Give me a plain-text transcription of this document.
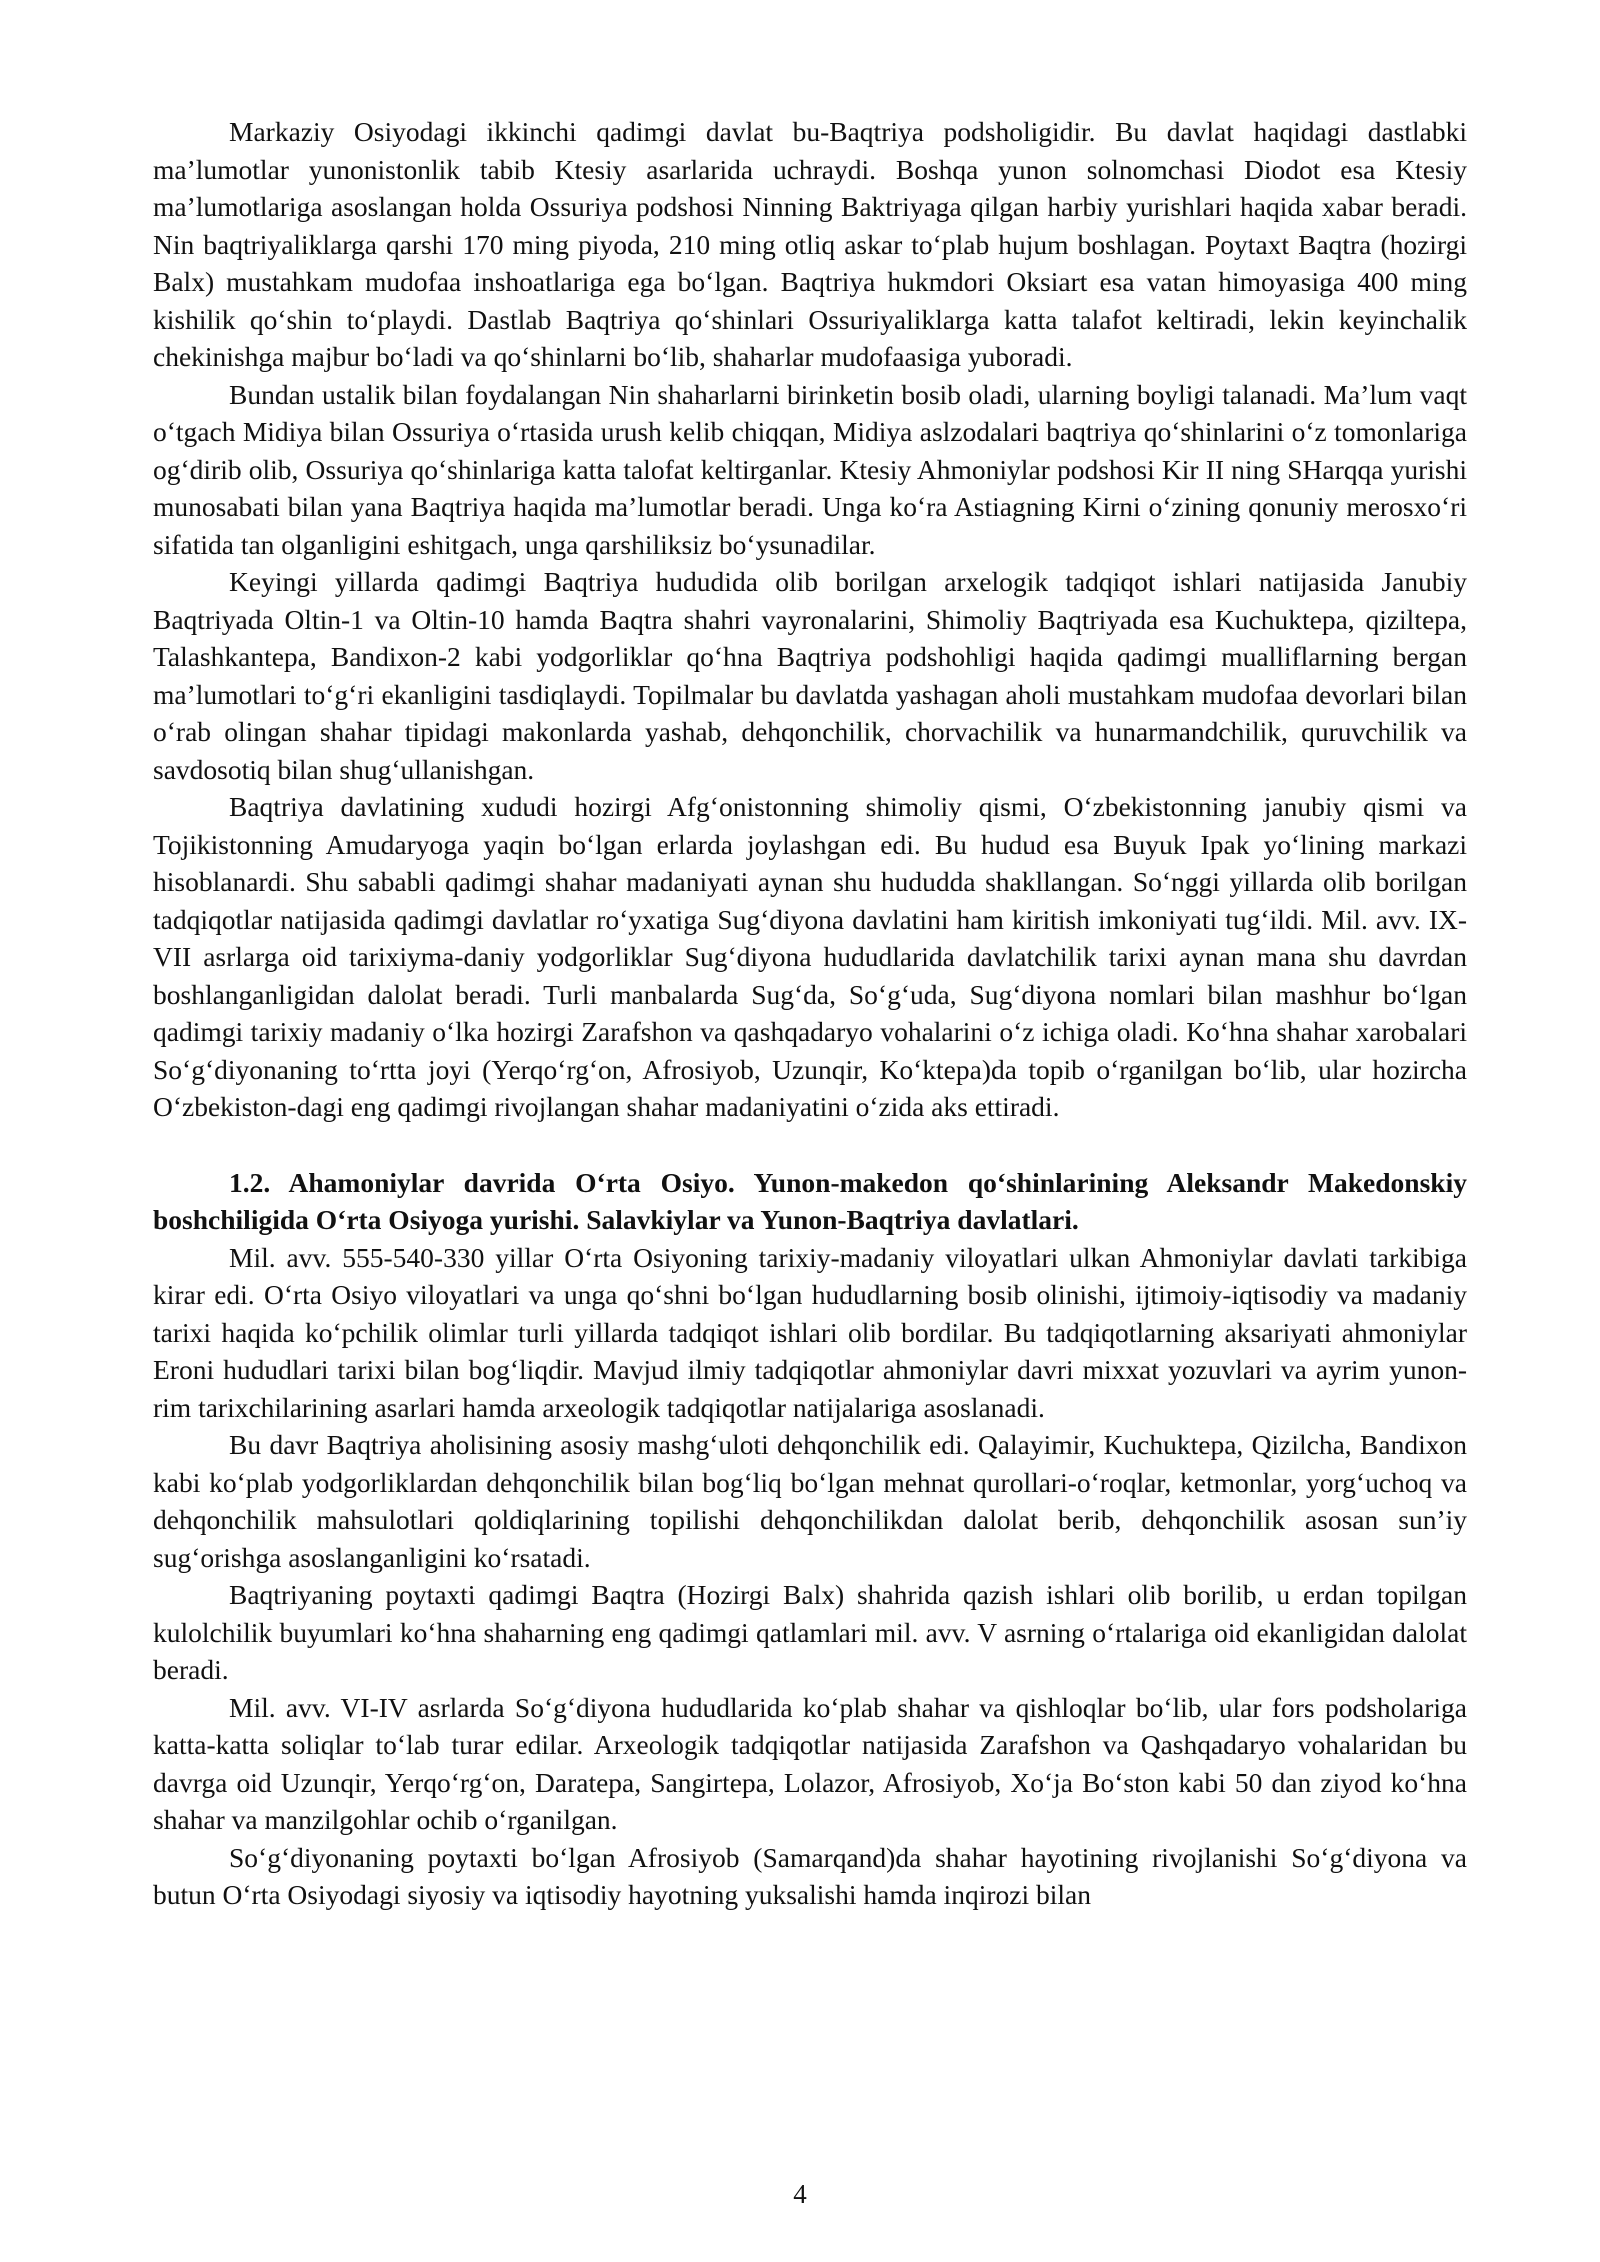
Markaziy Osiyodagi ikkinchi qadimgi davlat bu-Baqtriya podsholigidir. Bu davlat haqidagi dastlabki ma’lumotlar yunonistonlik tabib Ktesiy asarlarida uchraydi. Boshqa yunon solnomchasi Diodot esa Ktesiy ma’lumotlariga asoslangan holda Ossuriya podshosi Ninning Baktriyaga qilgan harbiy yurishlari haqida xabar beradi. Nin baqtriyaliklarga qarshi 170 ming piyoda, 210 ming otliq askar to‘plab hujum boshlagan. Poytaxt Baqtra (hozirgi Balx) mustahkam mudofaa inshoatlariga ega bo‘lgan. Baqtriya hukmdori Oksiart esa vatan himoyasiga 400 ming kishilik qo‘shin to‘playdi. Dastlab Baqtriya qo‘shinlari Ossuriyaliklarga katta talafot keltiradi, lekin keyinchalik chekinishga majbur bo‘ladi va qo‘shinlarni bo‘lib, shaharlar mudofaasiga yuboradi.

Bundan ustalik bilan foydalangan Nin shaharlarni birinketin bosib oladi, ularning boyligi talanadi. Ma’lum vaqt o‘tgach Midiya bilan Ossuriya o‘rtasida urush kelib chiqqan, Midiya aslzodalari baqtriya qo‘shinlarini o‘z tomonlariga og‘dirib olib, Ossuriya qo‘shinlariga katta talofat keltirganlar. Ktesiy Ahmoniylar podshosi Kir II ning SHarqqa yurishi munosabati bilan yana Baqtriya haqida ma’lumotlar beradi. Unga ko‘ra Astiagning Kirni o‘zining qonuniy merosxo‘ri sifatida tan olganligini eshitgach, unga qarshiliksiz bo‘ysunadilar.

Keyingi yillarda qadimgi Baqtriya hududida olib borilgan arxelogik tadqiqot ishlari natijasida Janubiy Baqtriyada Oltin-1 va Oltin-10 hamda Baqtra shahri vayronalarini, Shimoliy Baqtriyada esa Kuchuktepa, qiziltepa, Talashkantepa, Bandixon-2 kabi yodgorliklar qo‘hna Baqtriya podshohligi haqida qadimgi mualliflarning bergan ma’lumotlari to‘g‘ri ekanligini tasdiqlaydi. Topilmalar bu davlatda yashagan aholi mustahkam mudofaa devorlari bilan o‘rab olingan shahar tipidagi makonlarda yashab, dehqonchilik, chorvachilik va hunarmandchilik, quruvchilik va savdosotiq bilan shug‘ullanishgan.

Baqtriya davlatining xududi hozirgi Afg‘onistonning shimoliy qismi, O‘zbekistonning janubiy qismi va Tojikistonning Amudaryoga yaqin bo‘lgan erlarda joylashgan edi. Bu hudud esa Buyuk Ipak yo‘lining markazi hisoblanardi. Shu sababli qadimgi shahar madaniyati aynan shu hududda shakllangan. So‘nggi yillarda olib borilgan tadqiqotlar natijasida qadimgi davlatlar ro‘yxatiga Sug‘diyona davlatini ham kiritish imkoniyati tug‘ildi. Mil. avv. IX-VII asrlarga oid tarixiyma-daniy yodgorliklar Sug‘diyona hududlarida davlatchilik tarixi aynan mana shu davrdan boshlanganligidan dalolat beradi. Turli manbalarda Sug‘da, So‘g‘uda, Sug‘diyona nomlari bilan mashhur bo‘lgan qadimgi tarixiy madaniy o‘lka hozirgi Zarafshon va qashqadaryo vohalarini o‘z ichiga oladi. Ko‘hna shahar xarobalari So‘g‘diyonaning to‘rtta joyi (Yerqo‘rg‘on, Afrosiyob, Uzunqir, Ko‘ktepa)da topib o‘rganilgan bo‘lib, ular hozircha O‘zbekiston-dagi eng qadimgi rivojlangan shahar madaniyatini o‘zida aks ettiradi.

1.2. Ahamoniylar davrida O‘rta Osiyo. Yunon-makedon qo‘shinlarining Aleksandr Makedonskiy boshchiligida O‘rta Osiyoga yurishi. Salavkiylar va Yunon-Baqtriya davlatlari.

Mil. avv. 555-540-330 yillar O‘rta Osiyoning tarixiy-madaniy viloyatlari ulkan Ahmoniylar davlati tarkibiga kirar edi. O‘rta Osiyo viloyatlari va unga qo‘shni bo‘lgan hududlarning bosib olinishi, ijtimoiy-iqtisodiy va madaniy tarixi haqida ko‘pchilik olimlar turli yillarda tadqiqot ishlari olib bordilar. Bu tadqiqotlarning aksariyati ahmoniylar Eroni hududlari tarixi bilan bog‘liqdir. Mavjud ilmiy tadqiqotlar ahmoniylar davri mixxat yozuvlari va ayrim yunon-rim tarixchilarining asarlari hamda arxeologik tadqiqotlar natijalariga asoslanadi.

Bu davr Baqtriya aholisining asosiy mashg‘uloti dehqonchilik edi. Qalayimir, Kuchuktepa, Qizilcha, Bandixon kabi ko‘plab yodgorliklardan dehqonchilik bilan bog‘liq bo‘lgan mehnat qurollari-o‘roqlar, ketmonlar, yorg‘uchoq va dehqonchilik mahsulotlari qoldiqlarining topilishi dehqonchilikdan dalolat berib, dehqonchilik asosan sun’iy sug‘orishga asoslanganligini ko‘rsatadi.

Baqtriyaning poytaxti qadimgi Baqtra (Hozirgi Balx) shahrida qazish ishlari olib borilib, u erdan topilgan kulolchilik buyumlari ko‘hna shaharning eng qadimgi qatlamlari mil. avv. V asrning o‘rtalariga oid ekanligidan dalolat beradi.

Mil. avv. VI-IV asrlarda So‘g‘diyona hududlarida ko‘plab shahar va qishloqlar bo‘lib, ular fors podsholariga katta-katta soliqlar to‘lab turar edilar. Arxeologik tadqiqotlar natijasida Zarafshon va Qashqadaryo vohalaridan bu davrga oid Uzunqir, Yerqo‘rg‘on, Daratepa, Sangirtepa, Lolazor, Afrosiyob, Xo‘ja Bo‘ston kabi 50 dan ziyod ko‘hna shahar va manzilgohlar ochib o‘rganilgan.

So‘g‘diyonaning poytaxti bo‘lgan Afrosiyob (Samarqand)da shahar hayotining rivojlanishi So‘g‘diyona va butun O‘rta Osiyodagi siyosiy va iqtisodiy hayotning yuksalishi hamda inqirozi bilan

4
